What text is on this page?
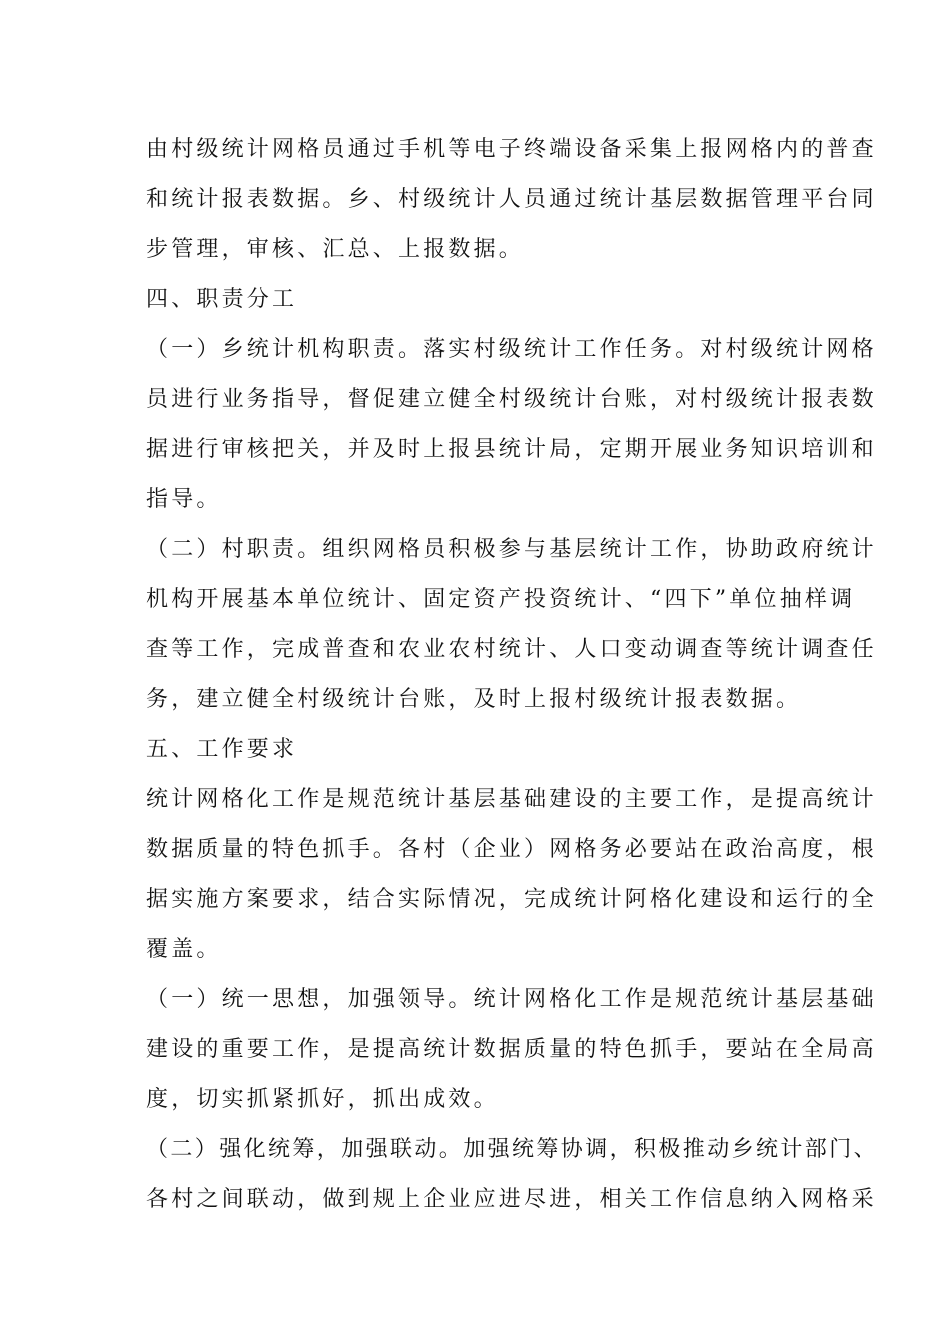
由村级统计网格员通过手机等电子终端设备采集上报网格内的普查
和统计报表数据。乡、村级统计人员通过统计基层数据管理平台同
步管理，审核、汇总、上报数据。
四、职责分工
（一）乡统计机构职责。落实村级统计工作任务。对村级统计网格
员进行业务指导，督促建立健全村级统计台账，对村级统计报表数
据进行审核把关，并及时上报县统计局，定期开展业务知识培训和
指导。
（二）村职责。组织网格员积极参与基层统计工作，协助政府统计
机构开展基本单位统计、固定资产投资统计、“四下”单位抽样调
查等工作，完成普查和农业农村统计、人口变动调查等统计调查任
务，建立健全村级统计台账，及时上报村级统计报表数据。
五、工作要求
统计网格化工作是规范统计基层基础建设的主要工作，是提高统计
数据质量的特色抓手。各村（企业）网格务必要站在政治高度，根
据实施方案要求，结合实际情况，完成统计阿格化建设和运行的全
覆盖。
（一）统一思想，加强领导。统计网格化工作是规范统计基层基础
建设的重要工作，是提高统计数据质量的特色抓手，要站在全局高
度，切实抓紧抓好，抓出成效。
（二）强化统筹，加强联动。加强统筹协调，积极推动乡统计部门、
各村之间联动，做到规上企业应进尽进，相关工作信息纳入网格采
